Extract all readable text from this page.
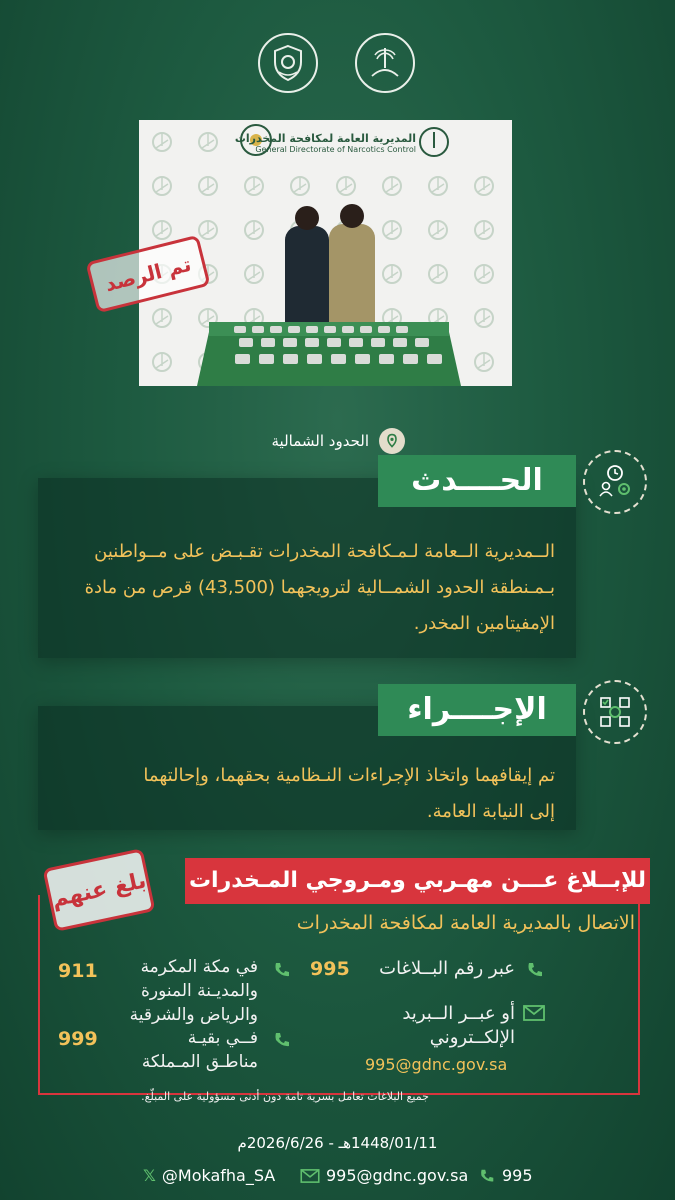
المديرية العامة لمكافحة المخدرات
General Directorate of Narcotics Control
تم الرصد
الحدود الشمالية
الحــــدث
الــمديرية الــعامة لـمـكافحة المخدرات تقـبـض على مــواطنين
بـمـنطقة الحدود الشمــالية لترويجهما (43,500) قرص من مادة
الإمفيتامين المخدر.
الإجــــراء
تم إيقافهما واتخاذ الإجراءات النـظامية بحقهما، وإحالتهما
إلى النيابة العامة.
للإبــلاغ عـــن مهـربي ومـروجي المـخدرات
بلغ عنهم
الاتصال بالمديرية العامة لمكافحة المخدرات
عبر رقم البــلاغات
995
أو عبــر الــبريد
الإلكــتروني
995@gdnc.gov.sa
في مكة المكرمة
والمديـنة المنورة
والرياض والشرقية
911
فــي بقيـة
مناطـق المـملكة
999
جميع البلاغات تعامل بسرية تامة دون أدنى مسؤولية على المبلّغ.
1448/01/11هـ - 2026/6/26م
𝕏 @Mokafha_SA	995@gdnc.gov.sa 995
